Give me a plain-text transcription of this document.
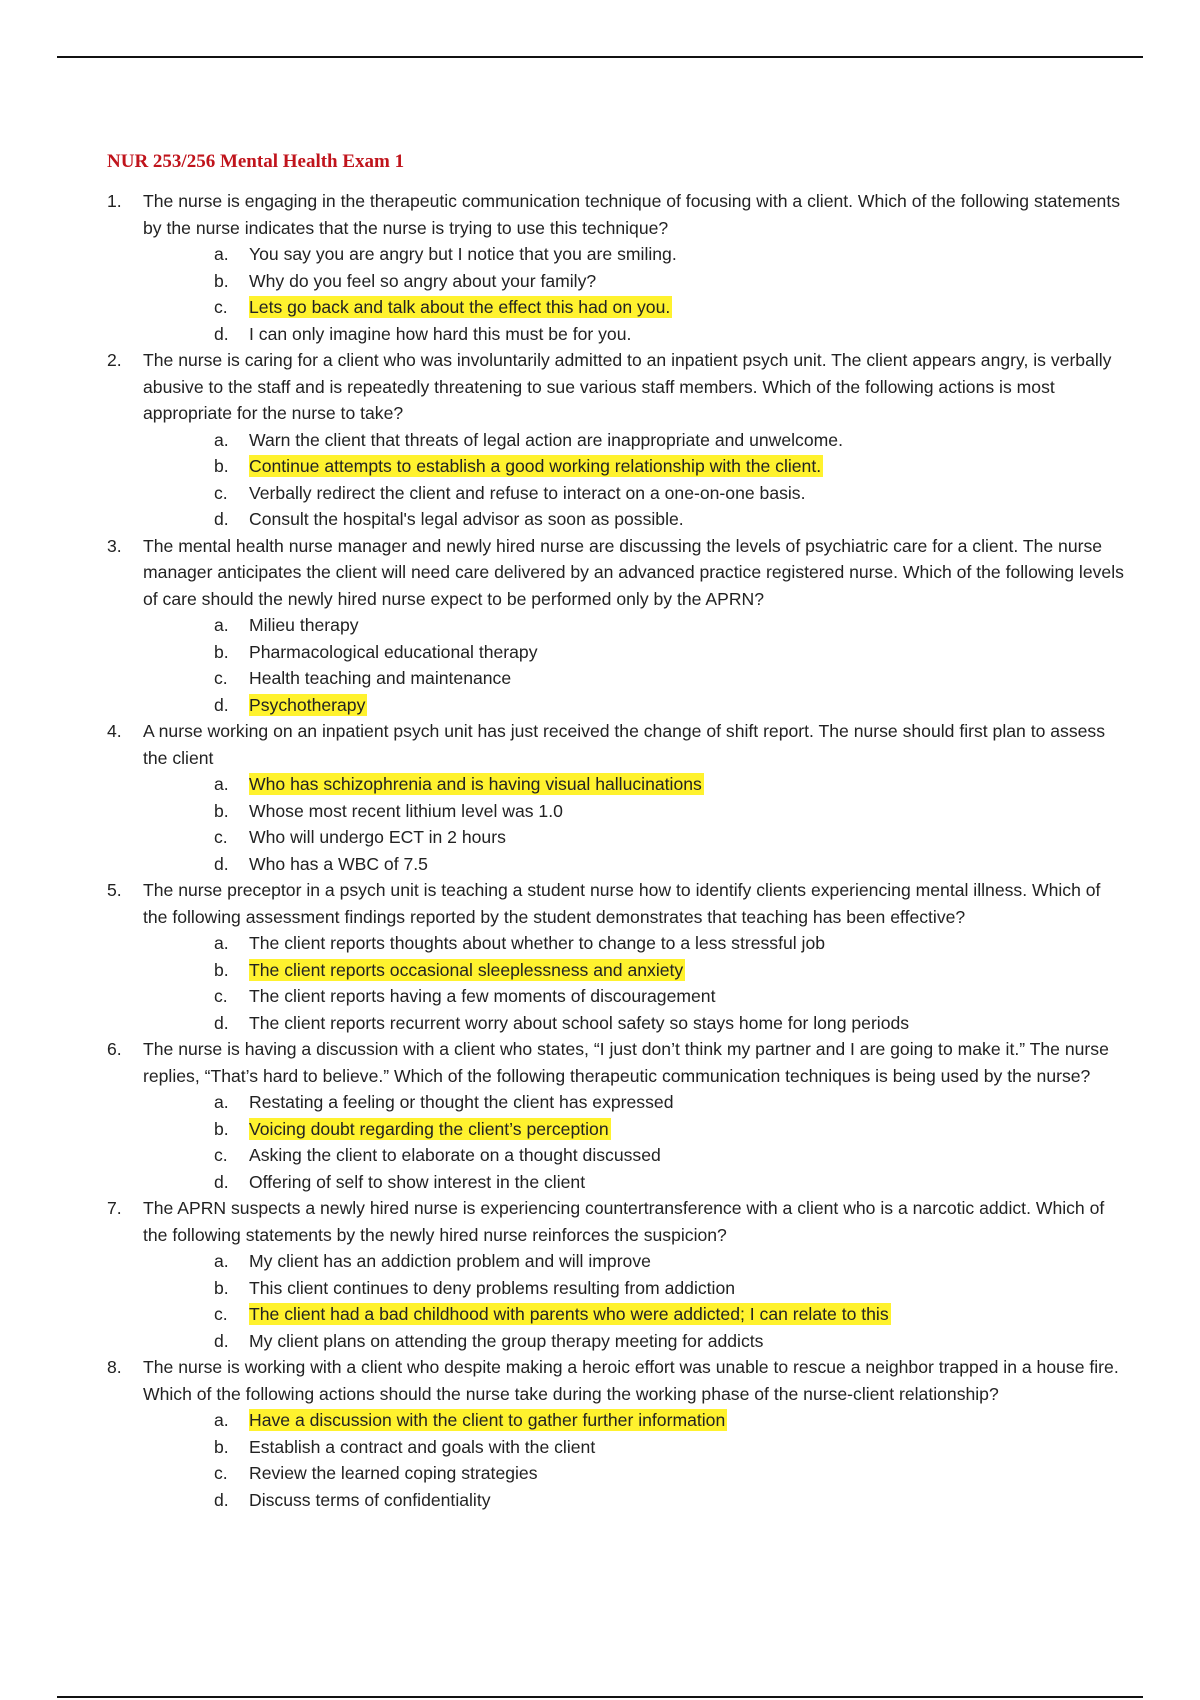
NUR 253/256 Mental Health Exam 1
1.	The nurse is engaging in the therapeutic communication technique of focusing with a client. Which of the following statements by the nurse indicates that the nurse is trying to use this technique?
a. You say you are angry but I notice that you are smiling.
b. Why do you feel so angry about your family?
c. Lets go back and talk about the effect this had on you.
d. I can only imagine how hard this must be for you.
2.	The nurse is caring for a client who was involuntarily admitted to an inpatient psych unit. The client appears angry, is verbally abusive to the staff and is repeatedly threatening to sue various staff members. Which of the following actions is most appropriate for the nurse to take?
a. Warn the client that threats of legal action are inappropriate and unwelcome.
b. Continue attempts to establish a good working relationship with the client.
c. Verbally redirect the client and refuse to interact on a one-on-one basis.
d. Consult the hospital's legal advisor as soon as possible.
3.	The mental health nurse manager and newly hired nurse are discussing the levels of psychiatric care for a client. The nurse manager anticipates the client will need care delivered by an advanced practice registered nurse. Which of the following levels of care should the newly hired nurse expect to be performed only by the APRN?
a. Milieu therapy
b. Pharmacological educational therapy
c. Health teaching and maintenance
d. Psychotherapy
4.	A nurse working on an inpatient psych unit has just received the change of shift report. The nurse should first plan to assess the client
a. Who has schizophrenia and is having visual hallucinations
b. Whose most recent lithium level was 1.0
c. Who will undergo ECT in 2 hours
d. Who has a WBC of 7.5
5.	The nurse preceptor in a psych unit is teaching a student nurse how to identify clients experiencing mental illness. Which of the following assessment findings reported by the student demonstrates that teaching has been effective?
a. The client reports thoughts about whether to change to a less stressful job
b. The client reports occasional sleeplessness and anxiety
c. The client reports having a few moments of discouragement
d. The client reports recurrent worry about school safety so stays home for long periods
6.	The nurse is having a discussion with a client who states, “I just don’t think my partner and I are going to make it.” The nurse replies, “That’s hard to believe.” Which of the following therapeutic communication techniques is being used by the nurse?
a. Restating a feeling or thought the client has expressed
b. Voicing doubt regarding the client’s perception
c. Asking the client to elaborate on a thought discussed
d. Offering of self to show interest in the client
7.	The APRN suspects a newly hired nurse is experiencing countertransference with a client who is a narcotic addict. Which of the following statements by the newly hired nurse reinforces the suspicion?
a. My client has an addiction problem and will improve
b. This client continues to deny problems resulting from addiction
c. The client had a bad childhood with parents who were addicted; I can relate to this
d. My client plans on attending the group therapy meeting for addicts
8.	The nurse is working with a client who despite making a heroic effort was unable to rescue a neighbor trapped in a house fire. Which of the following actions should the nurse take during the working phase of the nurse-client relationship?
a. Have a discussion with the client to gather further information
b. Establish a contract and goals with the client
c. Review the learned coping strategies
d. Discuss terms of confidentiality
